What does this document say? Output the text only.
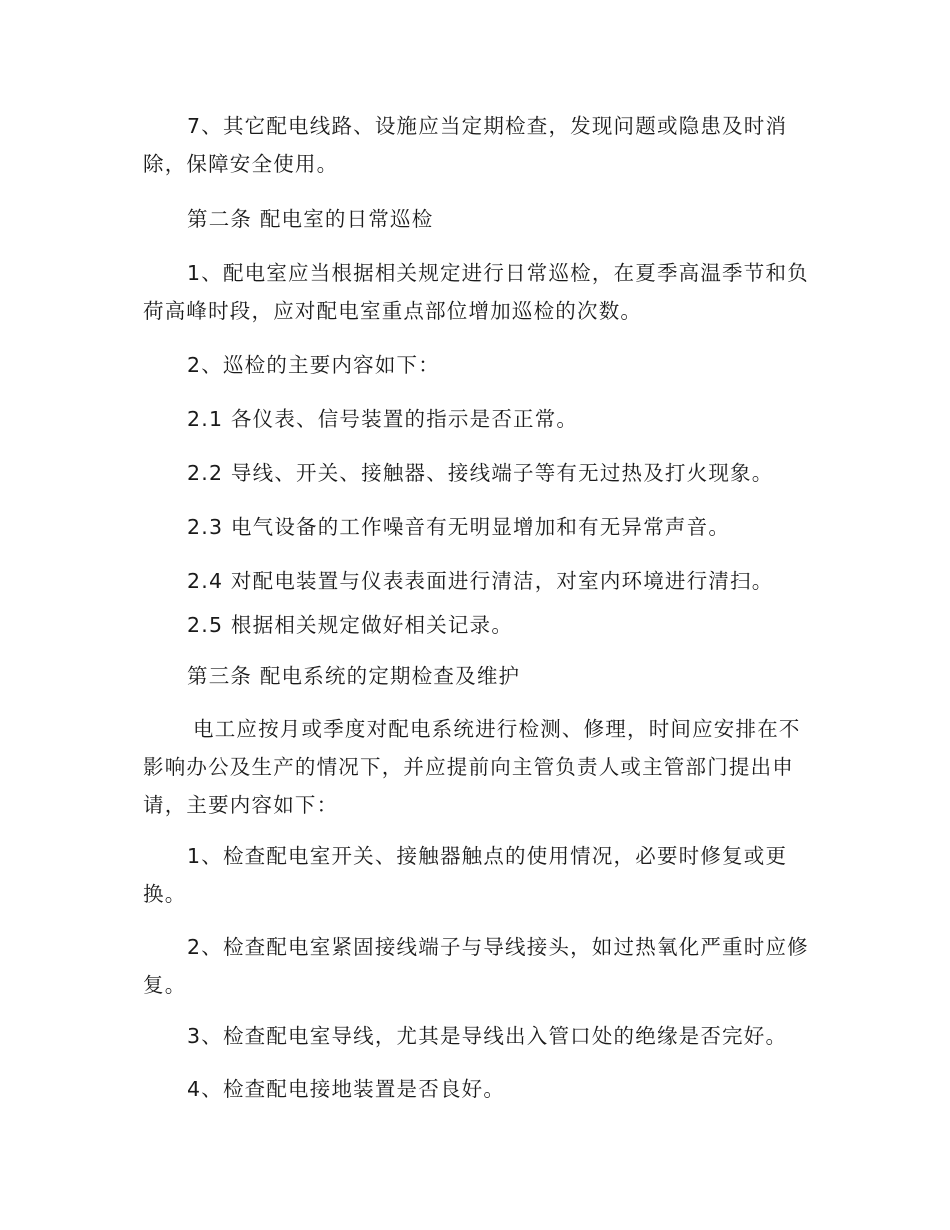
7、其它配电线路、设施应当定期检查，发现问题或隐患及时消除，保障安全使用。

第二条 配电室的日常巡检

1、配电室应当根据相关规定进行日常巡检，在夏季高温季节和负荷高峰时段，应对配电室重点部位增加巡检的次数。

2、巡检的主要内容如下：

2.1 各仪表、信号装置的指示是否正常。

2.2 导线、开关、接触器、接线端子等有无过热及打火现象。

2.3 电气设备的工作噪音有无明显增加和有无异常声音。

2.4 对配电装置与仪表表面进行清洁，对室内环境进行清扫。

2.5 根据相关规定做好相关记录。

第三条 配电系统的定期检查及维护

电工应按月或季度对配电系统进行检测、修理，时间应安排在不影响办公及生产的情况下，并应提前向主管负责人或主管部门提出申请，主要内容如下：

1、检查配电室开关、接触器触点的使用情况，必要时修复或更换。

2、检查配电室紧固接线端子与导线接头，如过热氧化严重时应修复。

3、检查配电室导线，尤其是导线出入管口处的绝缘是否完好。

4、检查配电接地装置是否良好。
